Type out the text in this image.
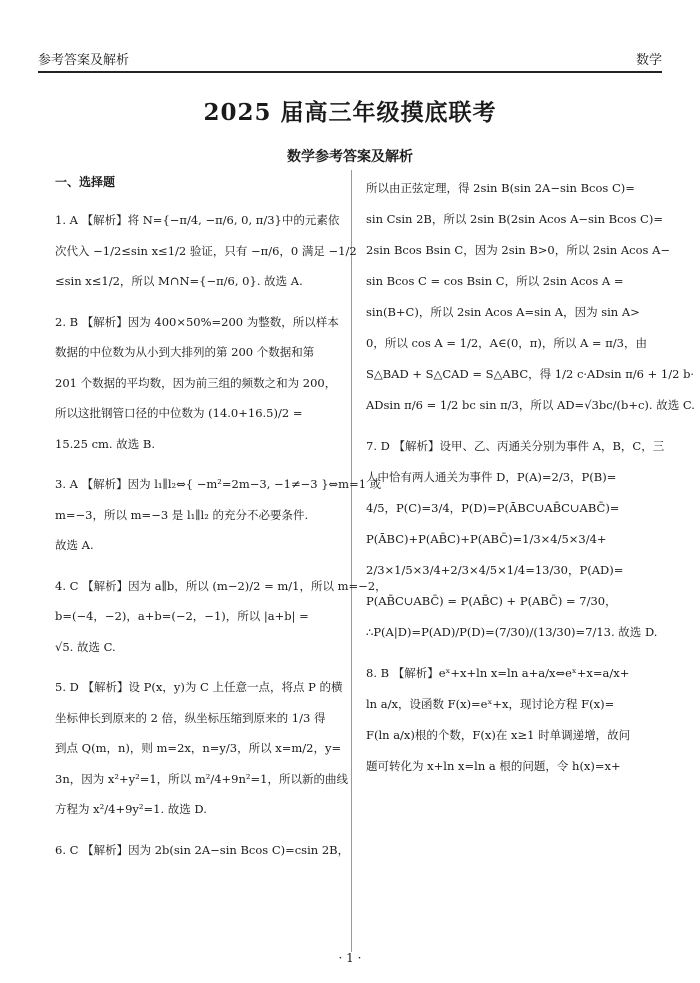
参考答案及解析	数学
2025 届高三年级摸底联考
数学参考答案及解析
一、选择题
1. A 【解析】将 N={−π/4, −π/6, 0, π/3}中的元素依
次代入 −1/2≤sin x≤1/2 验证，只有 −π/6，0 满足 −1/2
≤sin x≤1/2，所以 M∩N={−π/6, 0}. 故选 A.
2. B 【解析】因为 400×50%=200 为整数，所以样本
数据的中位数为从小到大排列的第 200 个数据和第
201 个数据的平均数，因为前三组的频数之和为 200，
所以这批钢管口径的中位数为 (14.0+16.5)/2 =
15.25 cm. 故选 B.
3. A 【解析】因为 l₁∥l₂⇔{ −m²=2m−3, −1≠−3 }⇔m=1 或
m=−3，所以 m=−3 是 l₁∥l₂ 的充分不必要条件.
故选 A.
4. C 【解析】因为 a∥b，所以 (m−2)/2 = m/1，所以 m=−2，
b=(−4，−2)，a+b=(−2，−1)，所以 |a+b| =
√5. 故选 C.
5. D 【解析】设 P(x，y)为 C 上任意一点，将点 P 的横
坐标伸长到原来的 2 倍，纵坐标压缩到原来的 1/3 得
到点 Q(m，n)，则 m=2x，n=y/3，所以 x=m/2，y=
3n，因为 x²+y²=1，所以 m²/4+9n²=1，所以新的曲线
方程为 x²/4+9y²=1. 故选 D.
6. C 【解析】因为 2b(sin 2A−sin Bcos C)=csin 2B，
所以由正弦定理，得 2sin B(sin 2A−sin Bcos C)=
sin Csin 2B，所以 2sin B(2sin Acos A−sin Bcos C)=
2sin Bcos Bsin C，因为 2sin B>0，所以 2sin Acos A−
sin Bcos C = cos Bsin C，所以 2sin Acos A =
sin(B+C)，所以 2sin Acos A=sin A，因为 sin A>
0，所以 cos A = 1/2，A∈(0，π)，所以 A = π/3，由
S△BAD + S△CAD = S△ABC，得 1/2 c·ADsin π/6 + 1/2 b·
ADsin π/6 = 1/2 bc sin π/3，所以 AD=√3bc/(b+c). 故选 C.
7. D 【解析】设甲、乙、丙通关分别为事件 A，B，C，三
人中恰有两人通关为事件 D，P(A)=2/3，P(B)=
4/5，P(C)=3/4，P(D)=P(ĀBC∪AB̄C∪ABC̄)=
P(ĀBC)+P(AB̄C)+P(ABC̄)=1/3×4/5×3/4+
2/3×1/5×3/4+2/3×4/5×1/4=13/30，P(AD)=
P(AB̄C∪ABC̄) = P(AB̄C) + P(ABC̄) = 7/30，
∴P(A|D)=P(AD)/P(D)=(7/30)/(13/30)=7/13. 故选 D.
8. B 【解析】eˣ+x+ln x=ln a+a/x⇔eˣ+x=a/x+
ln a/x，设函数 F(x)=eˣ+x，现讨论方程 F(x)=
F(ln a/x)根的个数，F(x)在 x≥1 时单调递增，故问
题可转化为 x+ln x=ln a 根的问题，令 h(x)=x+
· 1 ·
